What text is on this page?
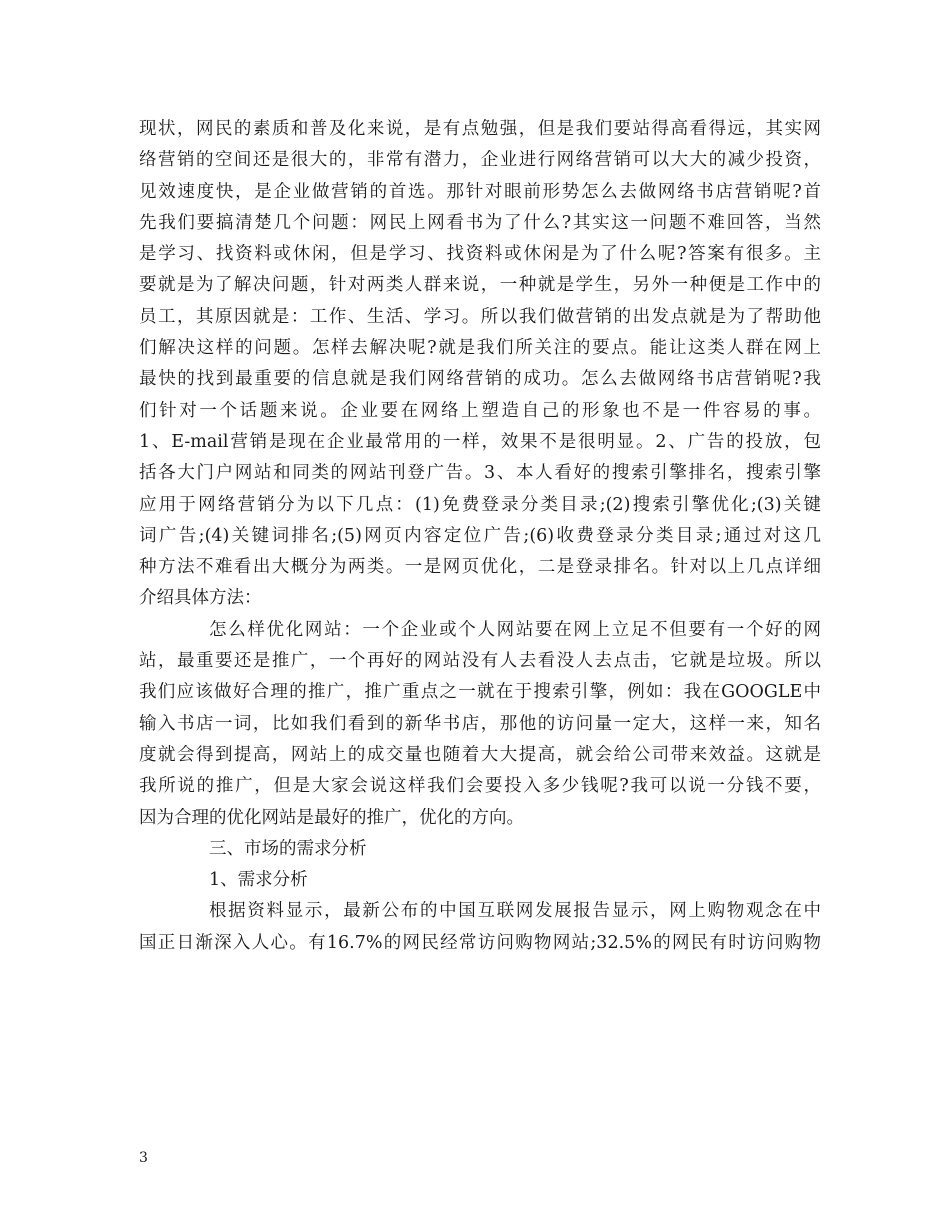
现状，网民的素质和普及化来说，是有点勉强，但是我们要站得高看得远，其实网
络营销的空间还是很大的，非常有潜力，企业进行网络营销可以大大的减少投资，
见效速度快，是企业做营销的首选。那针对眼前形势怎么去做网络书店营销呢?首
先我们要搞清楚几个问题：网民上网看书为了什么?其实这一问题不难回答，当然
是学习、找资料或休闲，但是学习、找资料或休闲是为了什么呢?答案有很多。主
要就是为了解决问题，针对两类人群来说，一种就是学生，另外一种便是工作中的
员工，其原因就是：工作、生活、学习。所以我们做营销的出发点就是为了帮助他
们解决这样的问题。怎样去解决呢?就是我们所关注的要点。能让这类人群在网上
最快的找到最重要的信息就是我们网络营销的成功。怎么去做网络书店营销呢?我
们针对一个话题来说。企业要在网络上塑造自己的形象也不是一件容易的事。
1、E-mail营销是现在企业最常用的一样，效果不是很明显。2、广告的投放，包
括各大门户网站和同类的网站刊登广告。3、本人看好的搜索引擎排名，搜索引擎
应用于网络营销分为以下几点：(1)免费登录分类目录;(2)搜索引擎优化;(3)关键
词广告;(4)关键词排名;(5)网页内容定位广告;(6)收费登录分类目录;通过对这几
种方法不难看出大概分为两类。一是网页优化，二是登录排名。针对以上几点详细
介绍具体方法：
怎么样优化网站：一个企业或个人网站要在网上立足不但要有一个好的网
站，最重要还是推广，一个再好的网站没有人去看没人去点击，它就是垃圾。所以
我们应该做好合理的推广，推广重点之一就在于搜索引擎，例如：我在GOOGLE中
输入书店一词，比如我们看到的新华书店，那他的访问量一定大，这样一来，知名
度就会得到提高，网站上的成交量也随着大大提高，就会给公司带来效益。这就是
我所说的推广，但是大家会说这样我们会要投入多少钱呢?我可以说一分钱不要，
因为合理的优化网站是最好的推广，优化的方向。
三、市场的需求分析
1、需求分析
根据资料显示，最新公布的中国互联网发展报告显示，网上购物观念在中
国正日渐深入人心。有16.7%的网民经常访问购物网站;32.5%的网民有时访问购物
3
